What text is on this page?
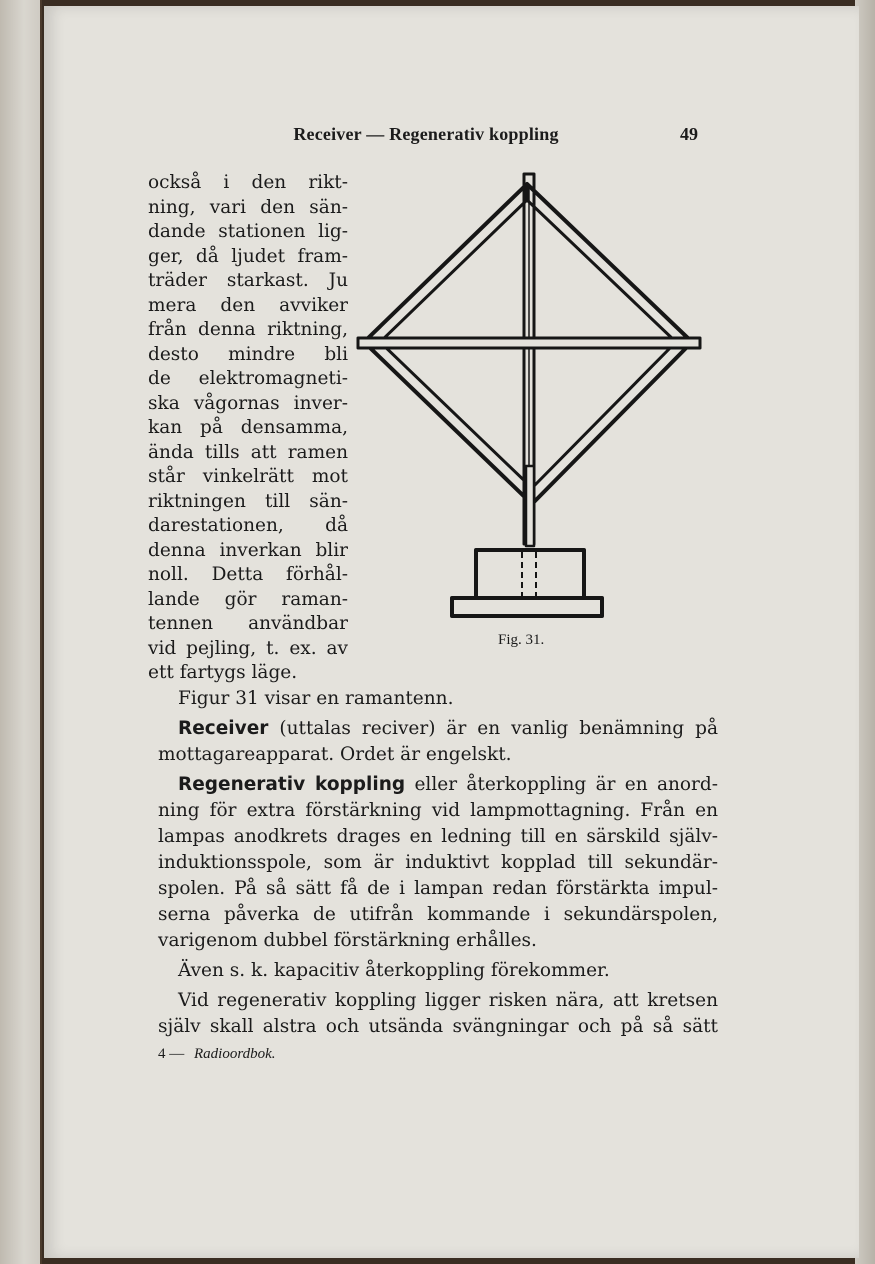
Receiver — Regenerativ koppling	49
också i den rikt-
ning, vari den sän-
dande stationen lig-
ger, då ljudet fram-
träder starkast. Ju
mera den avviker
från denna riktning,
desto mindre bli
de elektromagneti-
ska vågornas inver-
kan på densamma,
ända tills att ramen
står vinkelrätt mot
riktningen till sän-
darestationen, då
denna inverkan blir
noll. Detta förhål-
lande gör raman-
tennen användbar
vid pejling, t. ex. av
ett fartygs läge.
Fig. 31.

Figur 31 visar en ramantenn.

Receiver (uttalas reciver) är en vanlig benämning på
mottagareapparat. Ordet är engelskt.

Regenerativ koppling eller återkoppling är en anord-
ning för extra förstärkning vid lampmottagning. Från en
lampas anodkrets drages en ledning till en särskild själv-
induktionsspole, som är induktivt kopplad till sekundär-
spolen. På så sätt få de i lampan redan förstärkta impul-
serna påverka de utifrån kommande i sekundärspolen,
varigenom dubbel förstärkning erhålles.

Även s. k. kapacitiv återkoppling förekommer.

Vid regenerativ koppling ligger risken nära, att kretsen
själv skall alstra och utsända svängningar och på så sätt

4 — Radioordbok.
